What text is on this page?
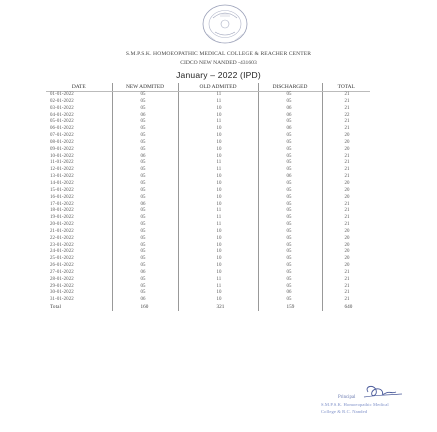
S.M.P.S.K. HOMOEOPATHIC MEDICAL COLLEGE & REACHER CENTER
CIDCO NEW NANDED -431603
January – 2022 (IPD)
DATE	NEW ADMITED	OLD ADMITED	DISCHARGED	TOTAL
01-01-2022	05	11	05	21
02-01-2022	05	11	05	21
03-01-2022	05	10	06	21
04-01-2022	06	10	06	22
05-01-2022	05	11	05	21
06-01-2022	05	10	06	21
07-01-2022	05	10	05	20
08-01-2022	05	10	05	20
09-01-2022	05	10	05	20
10-01-2022	06	10	05	21
11-01-2022	05	11	05	21
12-01-2022	05	11	05	21
13-01-2022	05	10	06	21
14-01-2022	05	10	05	20
15-01-2022	05	10	05	20
16-01-2022	05	10	05	20
17-01-2022	06	10	05	21
18-01-2022	05	11	05	21
19-01-2022	05	11	05	21
20-01-2022	05	11	05	21
21-01-2022	05	10	05	20
22-01-2022	05	10	05	20
23-01-2022	05	10	05	20
24-01-2022	05	10	05	20
25-01-2022	05	10	05	20
26-01-2022	05	10	05	20
27-01-2022	06	10	05	21
28-01-2022	05	11	05	21
29-01-2022	05	11	05	21
30-01-2022	05	10	06	21
31-01-2022	06	10	05	21
Total	160	321	159	640
Principal
S.M.P.S.K. Homoeopathic Medical
College & R.C. Nanded
